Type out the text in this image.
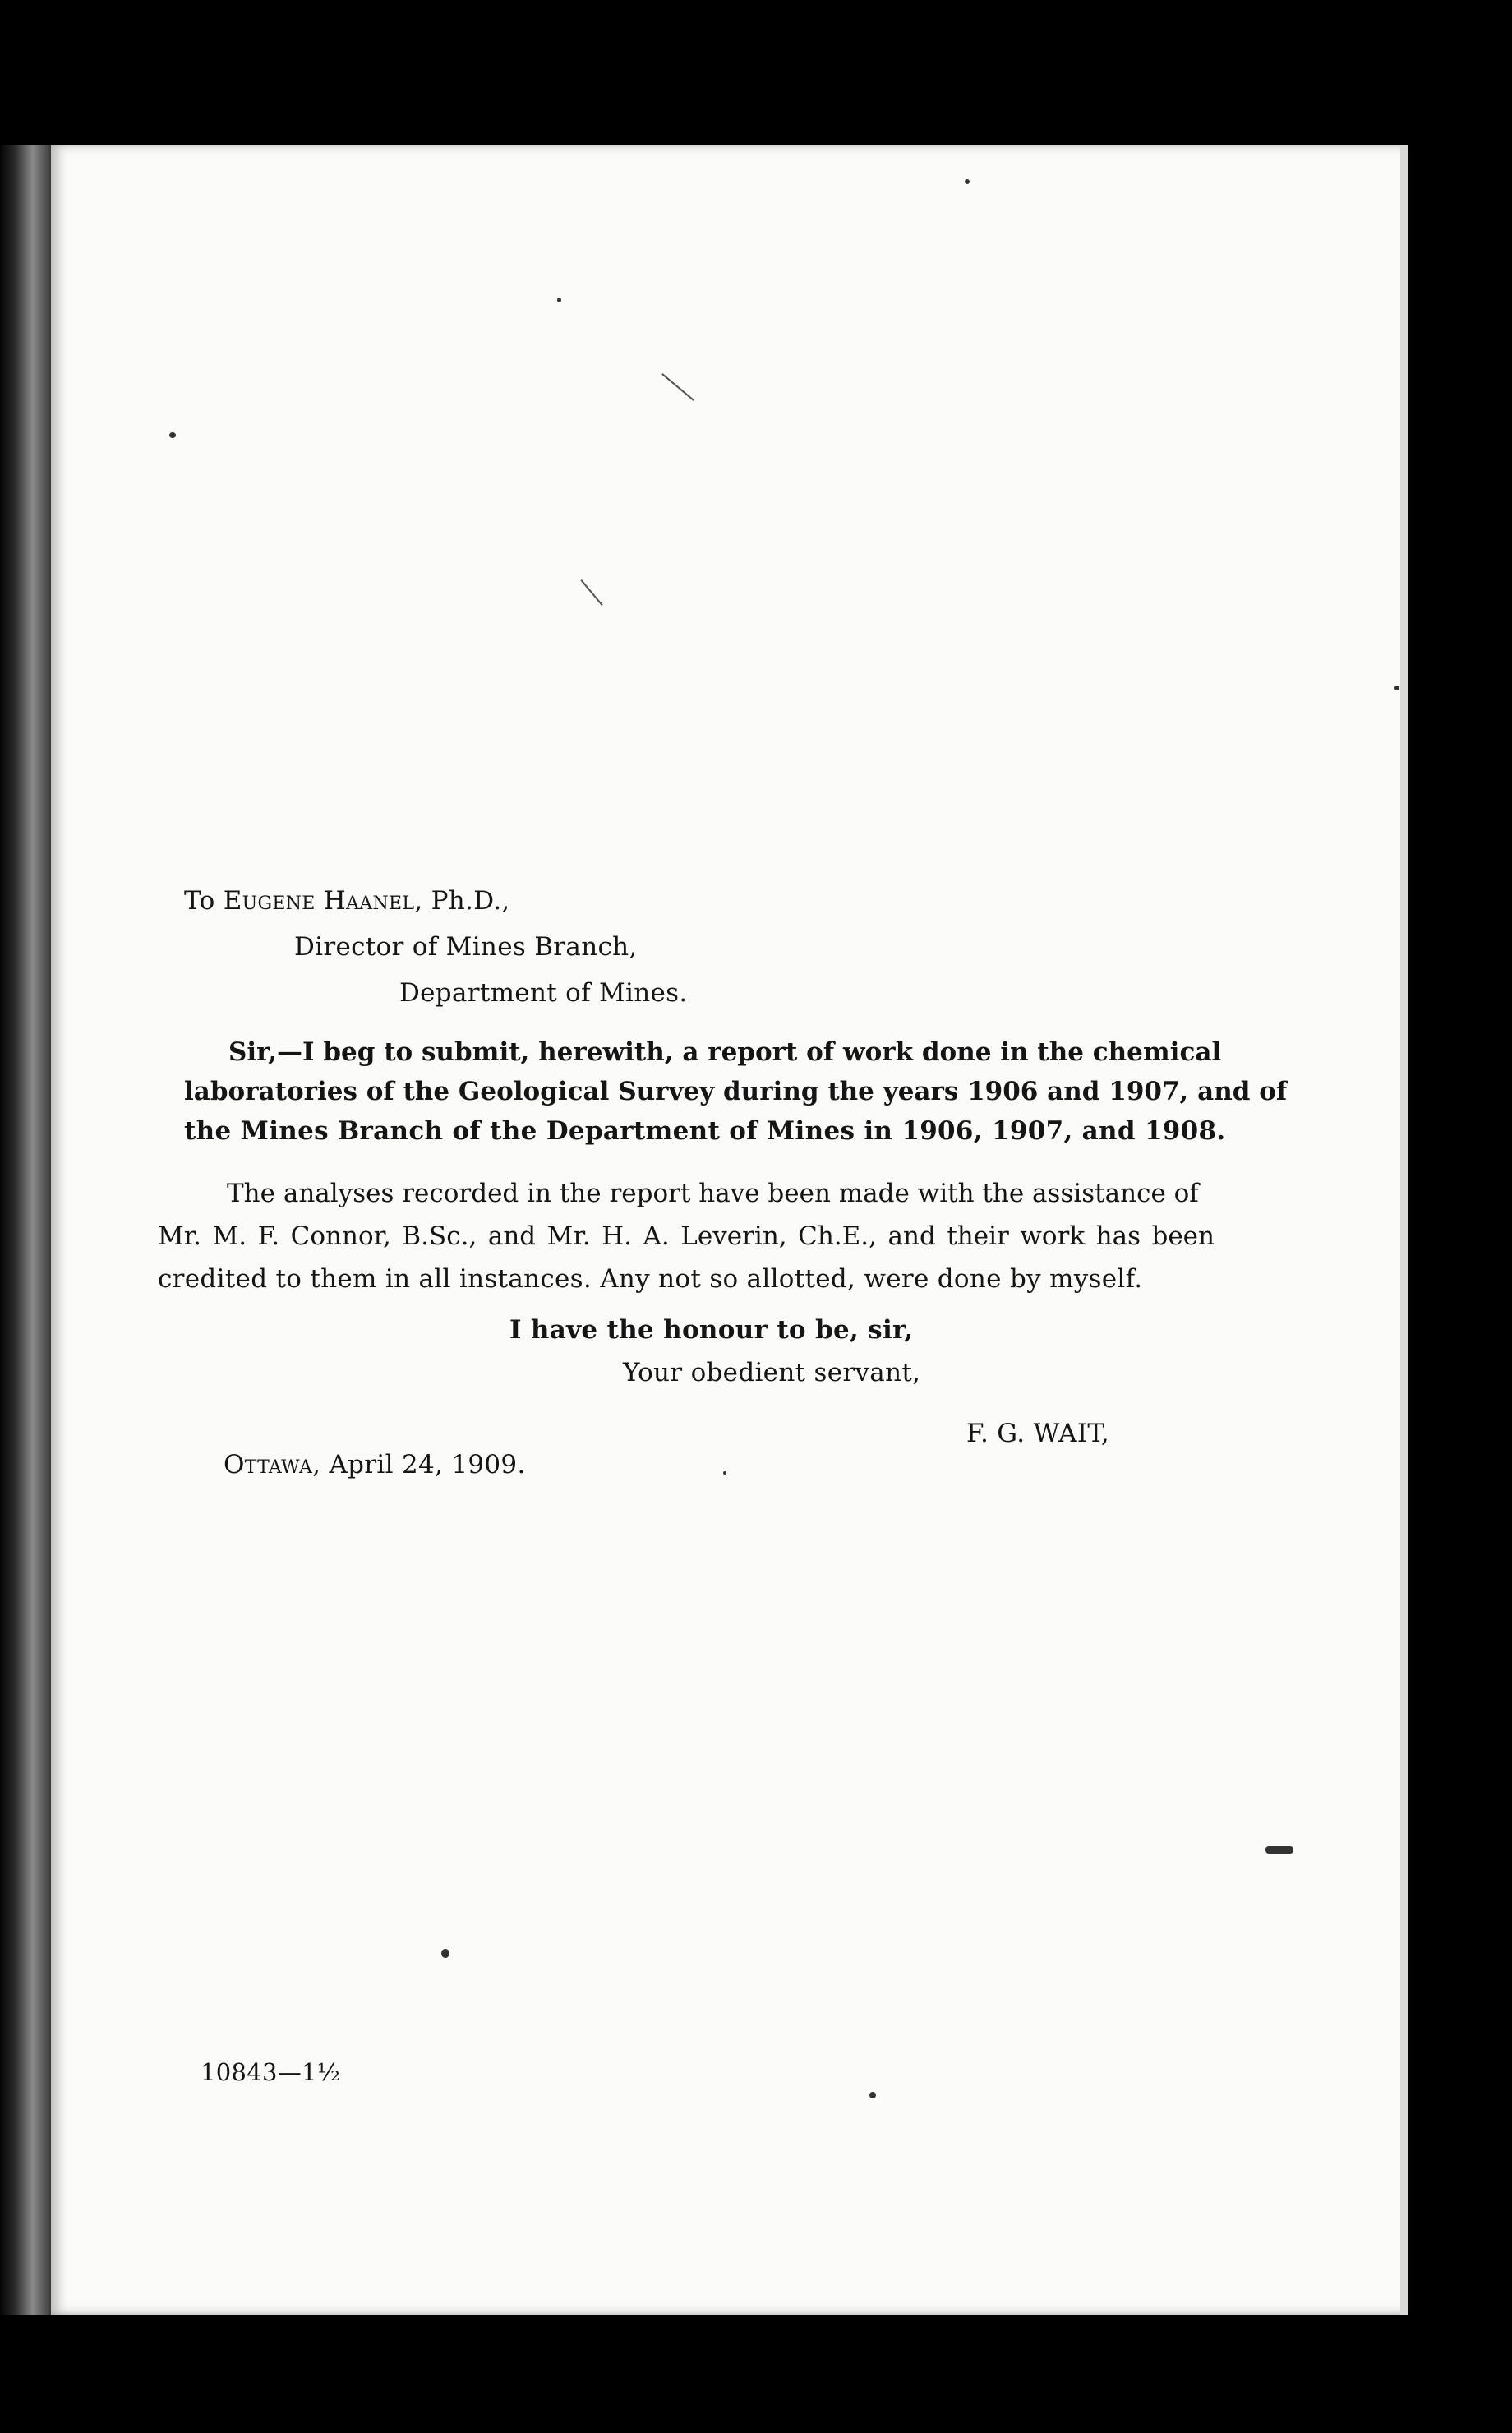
To Eugene Haanel, Ph.D.,
Director of Mines Branch,
Department of Mines.
Sir,—I beg to submit, herewith, a report of work done in the chemical
laboratories of the Geological Survey during the years 1906 and 1907, and of
the Mines Branch of the Department of Mines in 1906, 1907, and 1908.
The analyses recorded in the report have been made with the assistance of
Mr. M. F. Connor, B.Sc., and Mr. H. A. Leverin, Ch.E., and their work has been
credited to them in all instances. Any not so allotted, were done by myself.
I have the honour to be, sir,
Your obedient servant,
F. G. WAIT,
Ottawa, April 24, 1909.
10843—1½
